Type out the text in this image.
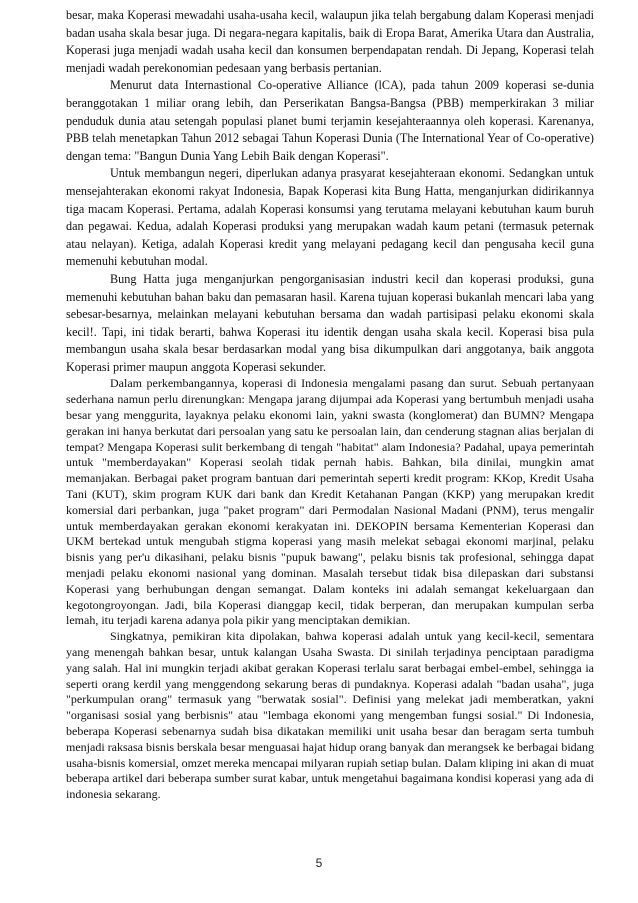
besar, maka Koperasi mewadahi usaha-usaha kecil, walaupun jika telah bergabung dalam Koperasi menjadi badan usaha skala besar juga. Di negara-negara kapitalis, baik di Eropa Barat, Amerika Utara dan Australia, Koperasi juga menjadi wadah usaha kecil dan konsumen berpendapatan rendah. Di Jepang, Koperasi telah menjadi wadah perekonomian pedesaan yang berbasis pertanian.

Menurut data Internastional Co-operative Alliance (lCA), pada tahun 2009 koperasi se-dunia beranggotakan 1 miliar orang lebih, dan Perserikatan Bangsa-Bangsa (PBB) memperkirakan 3 miliar penduduk dunia atau setengah populasi planet bumi terjamin kesejahteraannya oleh koperasi. Karenanya, PBB telah menetapkan Tahun 2012 sebagai Tahun Koperasi Dunia (The International Year of Co-operative) dengan tema: "Bangun Dunia Yang Lebih Baik dengan Koperasi".

Untuk membangun negeri, diperlukan adanya prasyarat kesejahteraan ekonomi. Sedangkan untuk mensejahterakan ekonomi rakyat Indonesia, Bapak Koperasi kita Bung Hatta, menganjurkan didirikannya tiga macam Koperasi. Pertama, adalah Koperasi konsumsi yang terutama melayani kebutuhan kaum buruh dan pegawai. Kedua, adalah Koperasi produksi yang merupakan wadah kaum petani (termasuk peternak atau nelayan). Ketiga, adalah Koperasi kredit yang melayani pedagang kecil dan pengusaha kecil guna memenuhi kebutuhan modal.

Bung Hatta juga menganjurkan pengorganisasian industri kecil dan koperasi produksi, guna memenuhi kebutuhan bahan baku dan pemasaran hasil. Karena tujuan koperasi bukanlah mencari laba yang sebesar-besarnya, melainkan melayani kebutuhan bersama dan wadah partisipasi pelaku ekonomi skala kecil!. Tapi, ini tidak berarti, bahwa Koperasi itu identik dengan usaha skala kecil. Koperasi bisa pula membangun usaha skala besar berdasarkan modal yang bisa dikumpulkan dari anggotanya, baik anggota Koperasi primer maupun anggota Koperasi sekunder.

Dalam perkembangannya, koperasi di Indonesia mengalami pasang dan surut. Sebuah pertanyaan sederhana namun perlu direnungkan: Mengapa jarang dijumpai ada Koperasi yang bertumbuh menjadi usaha besar yang menggurita, layaknya pelaku ekonomi lain, yakni swasta (konglomerat) dan BUMN? Mengapa gerakan ini hanya berkutat dari persoalan yang satu ke persoalan lain, dan cenderung stagnan alias berjalan di tempat? Mengapa Koperasi sulit berkembang di tengah "habitat" alam Indonesia? Padahal, upaya pemerintah untuk "memberdayakan" Koperasi seolah tidak pernah habis. Bahkan, bila dinilai, mungkin amat memanjakan. Berbagai paket program bantuan dari pemerintah seperti kredit program: KKop, Kredit Usaha Tani (KUT), skim program KUK dari bank dan Kredit Ketahanan Pangan (KKP) yang merupakan kredit komersial dari perbankan, juga "paket program" dari Permodalan Nasional Madani (PNM), terus mengalir untuk memberdayakan gerakan ekonomi kerakyatan ini. DEKOPIN bersama Kementerian Koperasi dan UKM bertekad untuk mengubah stigma koperasi yang masih melekat sebagai ekonomi marjinal, pelaku bisnis yang per'u dikasihani, pelaku bisnis "pupuk bawang", pelaku bisnis tak profesional, sehingga dapat menjadi pelaku ekonomi nasional yang dominan. Masalah tersebut tidak bisa dilepaskan dari substansi Koperasi yang berhubungan dengan semangat. Dalam konteks ini adalah semangat kekeluargaan dan kegotongroyongan. Jadi, bila Koperasi dianggap kecil, tidak berperan, dan merupakan kumpulan serba lemah, itu terjadi karena adanya pola pikir yang menciptakan demikian.

Singkatnya, pemikiran kita dipolakan, bahwa koperasi adalah untuk yang kecil-kecil, sementara yang menengah bahkan besar, untuk kalangan Usaha Swasta. Di sinilah terjadinya penciptaan paradigma yang salah. Hal ini mungkin terjadi akibat gerakan Koperasi terlalu sarat berbagai embel-embel, sehingga ia seperti orang kerdil yang menggendong sekarung beras di pundaknya. Koperasi adalah "badan usaha", juga "perkumpulan orang" termasuk yang "berwatak sosial". Definisi yang melekat jadi memberatkan, yakni "organisasi sosial yang berbisnis" atau "lembaga ekonomi yang mengemban fungsi sosial." Di Indonesia, beberapa Koperasi sebenarnya sudah bisa dikatakan memiliki unit usaha besar dan beragam serta tumbuh menjadi raksasa bisnis berskala besar menguasai hajat hidup orang banyak dan merangsek ke berbagai bidang usaha-bisnis komersial, omzet mereka mencapai milyaran rupiah setiap bulan. Dalam kliping ini akan di muat beberapa artikel dari beberapa sumber surat kabar, untuk mengetahui bagaimana kondisi koperasi yang ada di indonesia sekarang.

5
